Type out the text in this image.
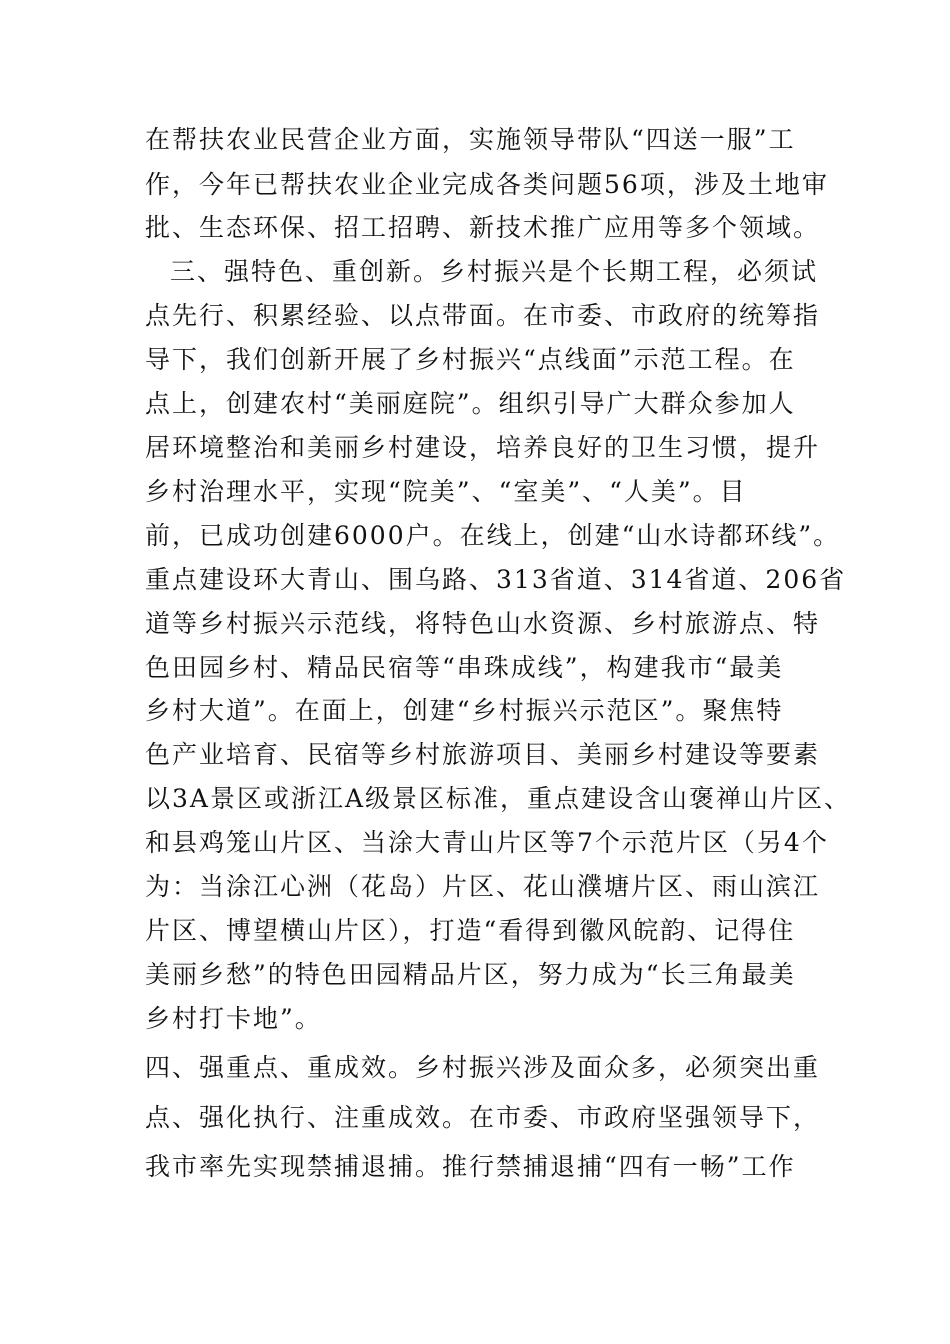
在帮扶农业民营企业方面，实施领导带队“四送一服”工

作，今年已帮扶农业企业完成各类问题56项，涉及土地审

批、生态环保、招工招聘、新技术推广应用等多个领域。

三、强特色、重创新。乡村振兴是个长期工程，必须试

点先行、积累经验、以点带面。在市委、市政府的统筹指

导下，我们创新开展了乡村振兴“点线面”示范工程。在

点上，创建农村“美丽庭院”。组织引导广大群众参加人

居环境整治和美丽乡村建设，培养良好的卫生习惯，提升

乡村治理水平，实现“院美”、“室美”、“人美”。目

前，已成功创建6000户。在线上，创建“山水诗都环线”。

重点建设环大青山、围乌路、313省道、314省道、206省

道等乡村振兴示范线，将特色山水资源、乡村旅游点、特

色田园乡村、精品民宿等“串珠成线”，构建我市“最美

乡村大道”。在面上，创建“乡村振兴示范区”。聚焦特

色产业培育、民宿等乡村旅游项目、美丽乡村建设等要素

以3A景区或浙江A级景区标准，重点建设含山褒禅山片区、

和县鸡笼山片区、当涂大青山片区等7个示范片区（另4个

为：当涂江心洲（花岛）片区、花山濮塘片区、雨山滨江

片区、博望横山片区），打造“看得到徽风皖韵、记得住

美丽乡愁”的特色田园精品片区，努力成为“长三角最美

乡村打卡地”。

四、强重点、重成效。乡村振兴涉及面众多，必须突出重

点、强化执行、注重成效。在市委、市政府坚强领导下，

我市率先实现禁捕退捕。推行禁捕退捕“四有一畅”工作
